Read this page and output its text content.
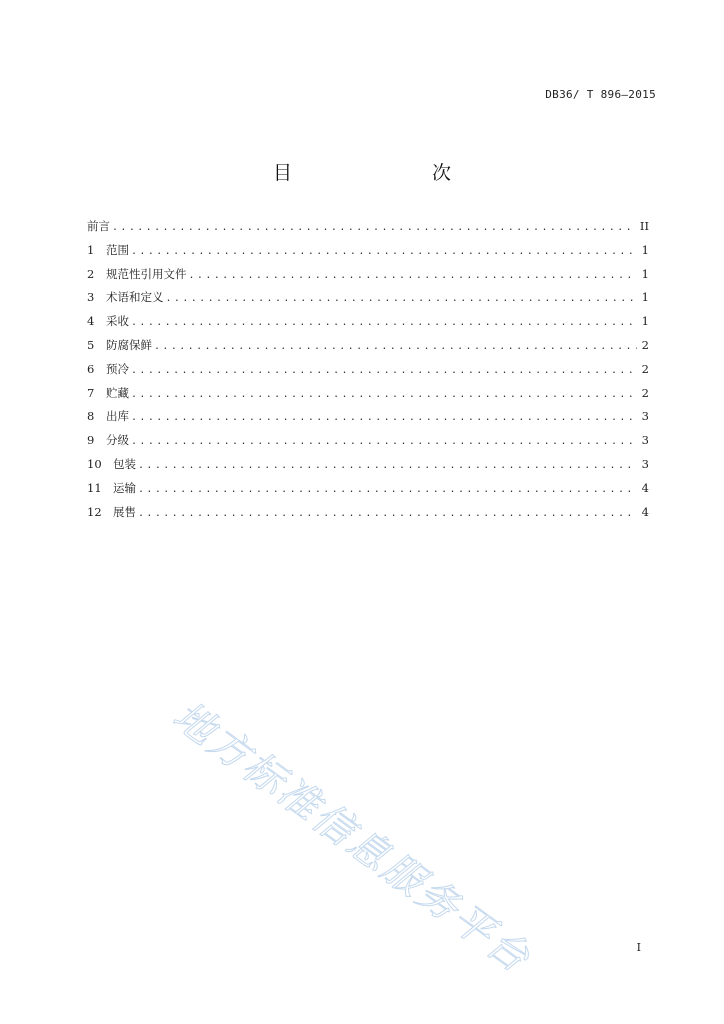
DB36/ T 896—2015
目　　次
前言 .....	II
1	范围 .....	1
2	规范性引用文件 .....	1
3	术语和定义 .....	1
4	采收 .....	1
5	防腐保鲜 .....	2
6	预冷 .....	2
7	贮藏 .....	2
8	出库 .....	3
9	分级 .....	3
10 包装 .....	3
11 运输 .....	4
12 展售 .....	4
地方标准信息服务平台	I
